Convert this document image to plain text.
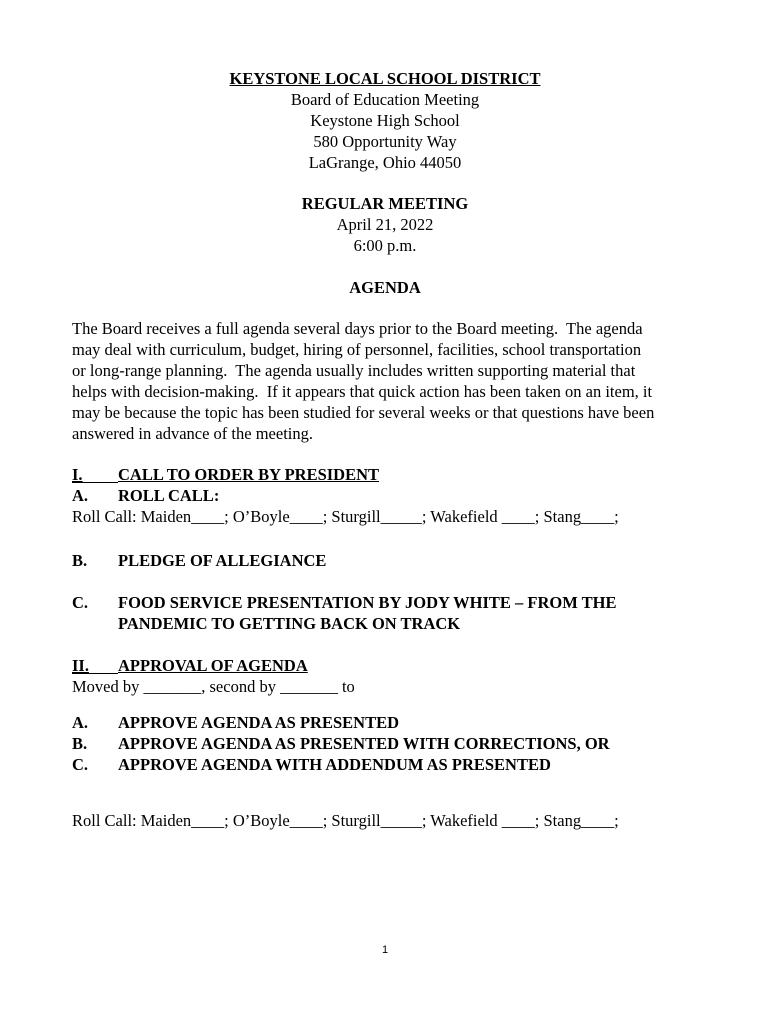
KEYSTONE LOCAL SCHOOL DISTRICT
Board of Education Meeting
Keystone High School
580 Opportunity Way
LaGrange, Ohio 44050
REGULAR MEETING
April 21, 2022
6:00 p.m.
AGENDA
The Board receives a full agenda several days prior to the Board meeting.  The agenda
may deal with curriculum, budget, hiring of personnel, facilities, school transportation
or long-range planning.  The agenda usually includes written supporting material that
helps with decision-making.  If it appears that quick action has been taken on an item, it
may be because the topic has been studied for several weeks or that questions have been
answered in advance of the meeting.
I.	CALL TO ORDER BY PRESIDENT
A. ROLL CALL:
Roll Call: Maiden____; O’Boyle____; Sturgill_____; Wakefield ____; Stang____;
B. PLEDGE OF ALLEGIANCE
C. FOOD SERVICE PRESENTATION BY JODY WHITE – FROM THE
PANDEMIC TO GETTING BACK ON TRACK
II. APPROVAL OF AGENDA
Moved by _______, second by _______ to
A. APPROVE AGENDA AS PRESENTED
B. APPROVE AGENDA AS PRESENTED WITH CORRECTIONS, OR
C. APPROVE AGENDA WITH ADDENDUM AS PRESENTED
Roll Call: Maiden____; O’Boyle____; Sturgill_____; Wakefield ____; Stang____;
1
